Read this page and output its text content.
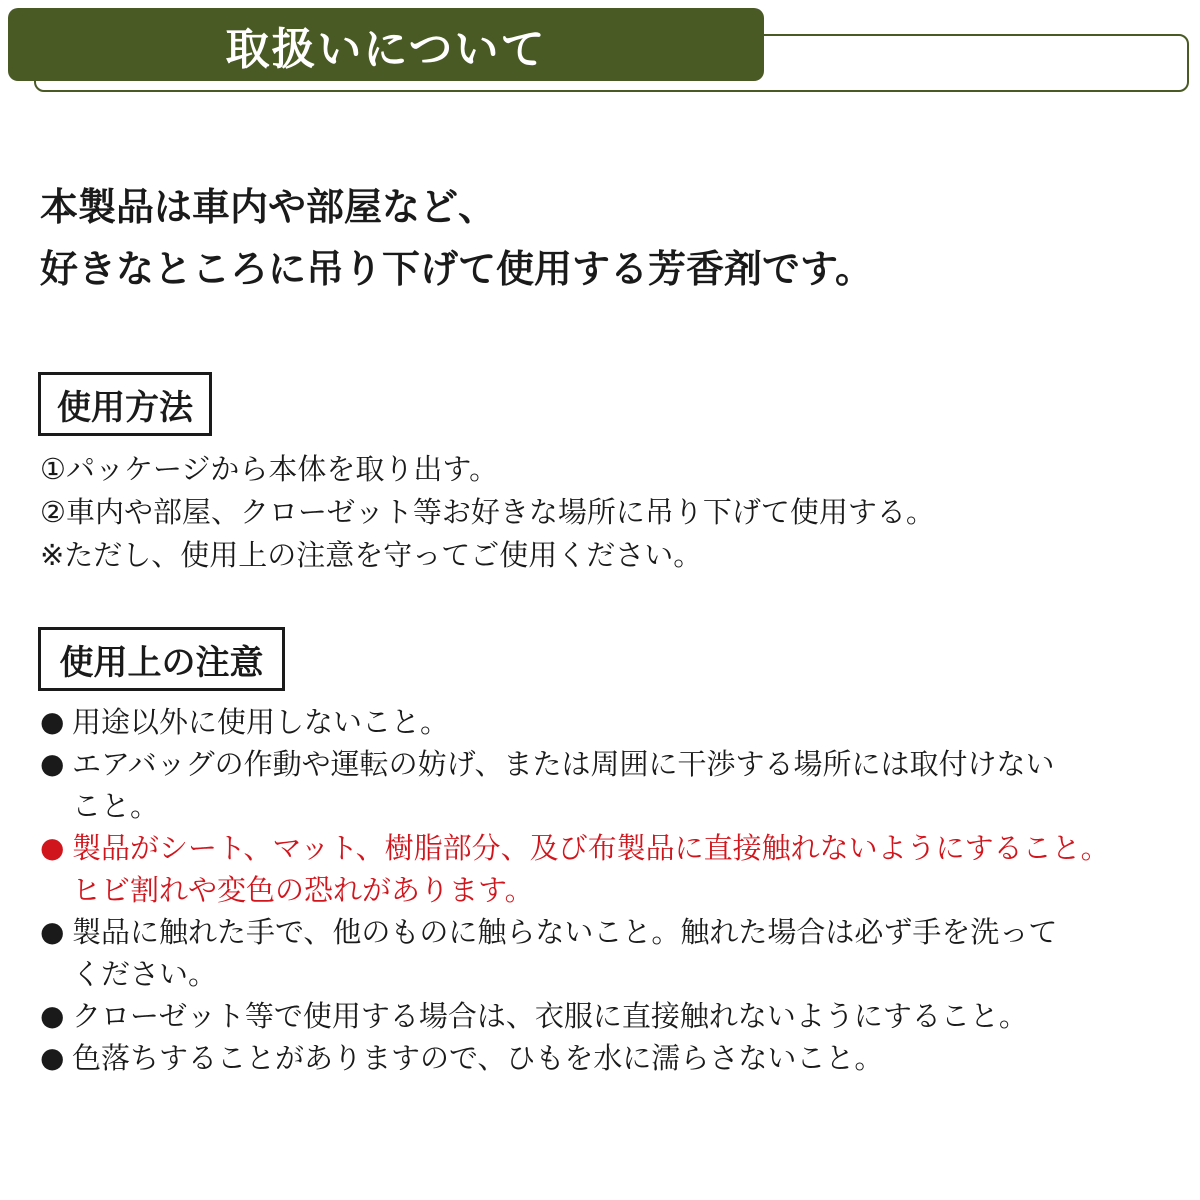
取扱いについて
本製品は車内や部屋など、
好きなところに吊り下げて使用する芳香剤です。
使用方法
①パッケージから本体を取り出す。
②車内や部屋、クローゼット等お好きな場所に吊り下げて使用する。
※ただし、使用上の注意を守ってご使用ください。
使用上の注意
● 用途以外に使用しないこと。
● エアバッグの作動や運転の妨げ、または周囲に干渉する場所には取付けない
こと。
● 製品がシート、マット、樹脂部分、及び布製品に直接触れないようにすること。
ヒビ割れや変色の恐れがあります。
● 製品に触れた手で、他のものに触らないこと。触れた場合は必ず手を洗って
ください。
● クローゼット等で使用する場合は、衣服に直接触れないようにすること。
● 色落ちすることがありますので、ひもを水に濡らさないこと。
